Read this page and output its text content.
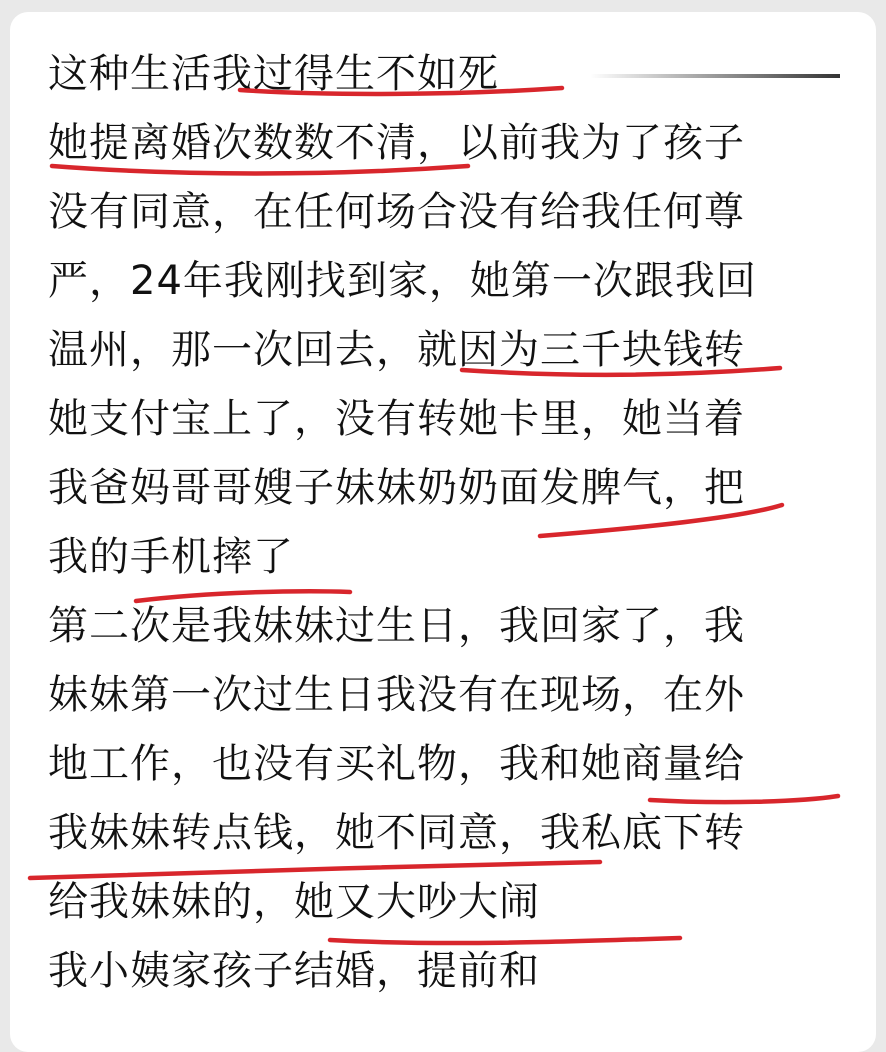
这种生活我过得生不如死
她提离婚次数数不清，以前我为了孩子
没有同意，在任何场合没有给我任何尊
严，24年我刚找到家，她第一次跟我回
温州，那一次回去，就因为三千块钱转
她支付宝上了，没有转她卡里，她当着
我爸妈哥哥嫂子妹妹奶奶面发脾气，把
我的手机摔了
第二次是我妹妹过生日，我回家了，我
妹妹第一次过生日我没有在现场，在外
地工作，也没有买礼物，我和她商量给
我妹妹转点钱，她不同意，我私底下转
给我妹妹的，她又大吵大闹
我小姨家孩子结婚，提前和
